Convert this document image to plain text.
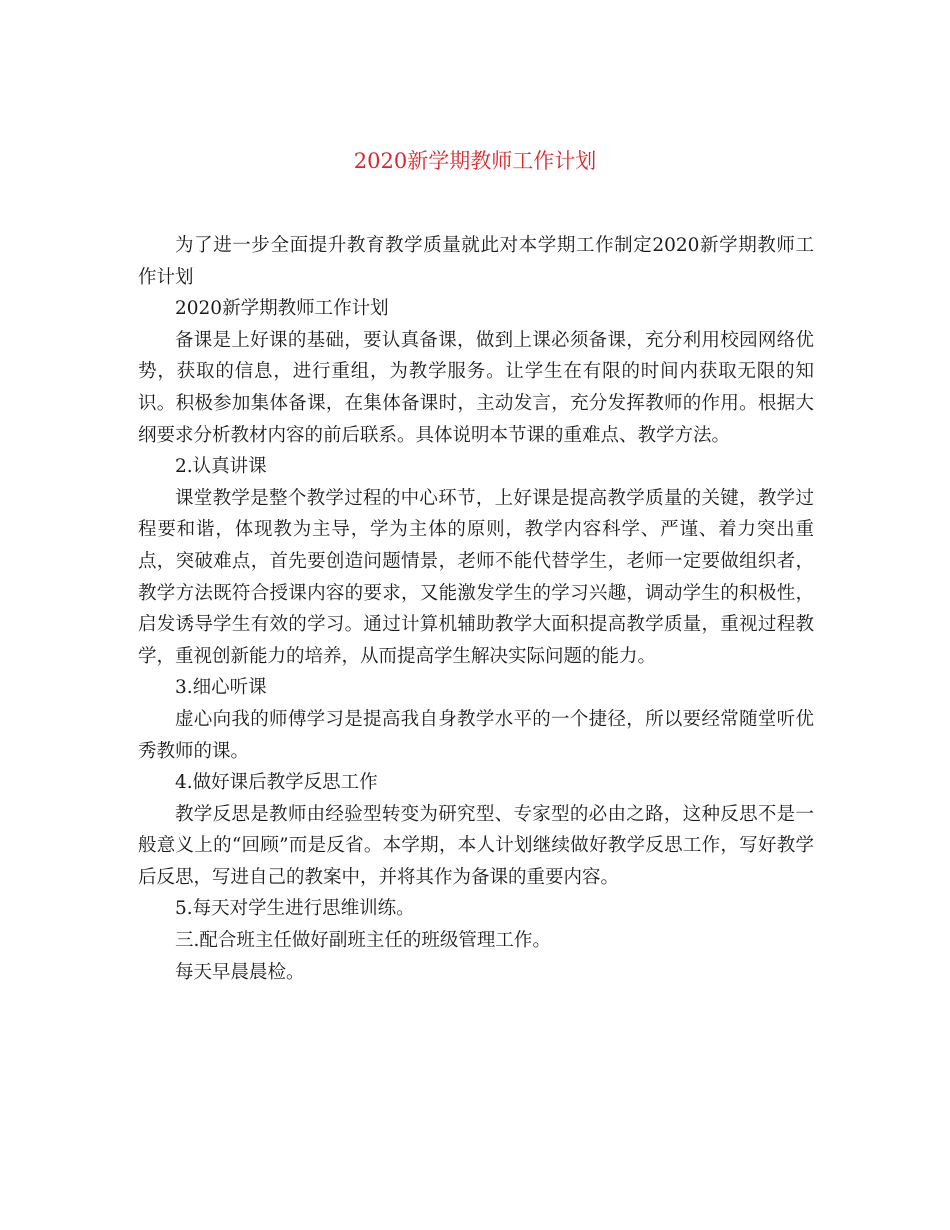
2020新学期教师工作计划

为了进一步全面提升教育教学质量就此对本学期工作制定2020新学期教师工作计划

2020新学期教师工作计划

备课是上好课的基础，要认真备课，做到上课必须备课，充分利用校园网络优势，获取的信息，进行重组，为教学服务。让学生在有限的时间内获取无限的知识。积极参加集体备课，在集体备课时，主动发言，充分发挥教师的作用。根据大纲要求分析教材内容的前后联系。具体说明本节课的重难点、教学方法。

2.认真讲课

课堂教学是整个教学过程的中心环节，上好课是提高教学质量的关键，教学过程要和谐，体现教为主导，学为主体的原则，教学内容科学、严谨、着力突出重点，突破难点，首先要创造问题情景，老师不能代替学生，老师一定要做组织者，教学方法既符合授课内容的要求，又能激发学生的学习兴趣，调动学生的积极性，启发诱导学生有效的学习。通过计算机辅助教学大面积提高教学质量，重视过程教学，重视创新能力的培养，从而提高学生解决实际问题的能力。

3.细心听课

虚心向我的师傅学习是提高我自身教学水平的一个捷径，所以要经常随堂听优秀教师的课。

4.做好课后教学反思工作

教学反思是教师由经验型转变为研究型、专家型的必由之路，这种反思不是一般意义上的“回顾”而是反省。本学期，本人计划继续做好教学反思工作，写好教学后反思，写进自己的教案中，并将其作为备课的重要内容。

5.每天对学生进行思维训练。

三.配合班主任做好副班主任的班级管理工作。

每天早晨晨检。
